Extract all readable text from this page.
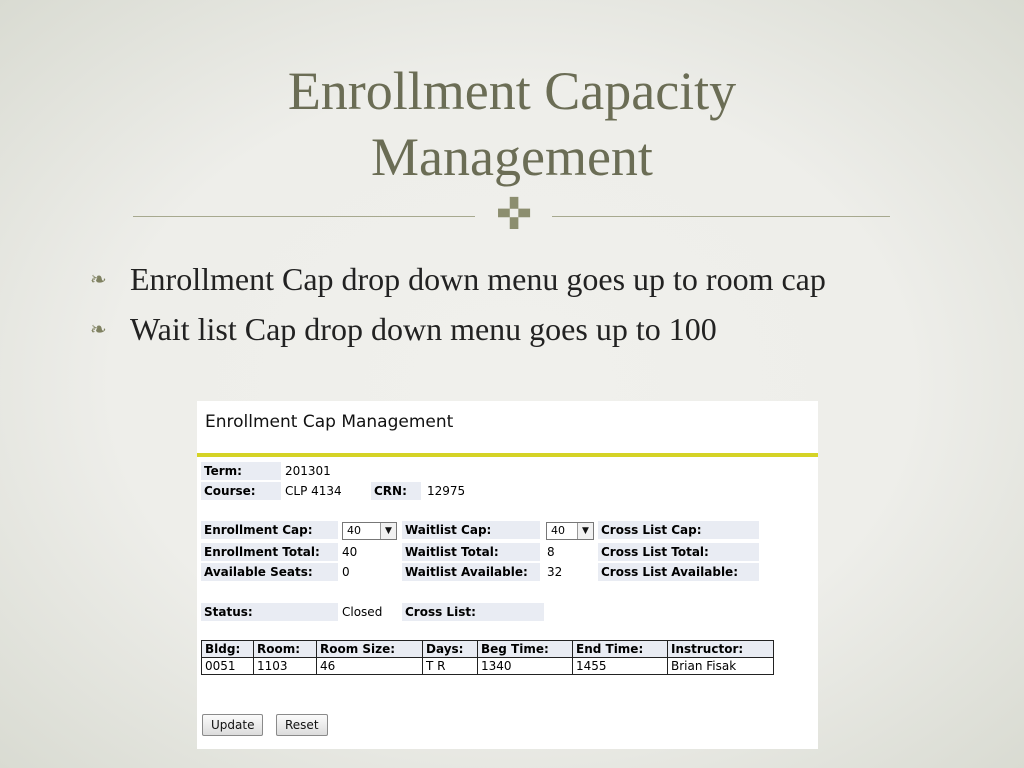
Enrollment Capacity
Management
✜
❧ Enrollment Cap drop down menu goes up to room cap
❧ Wait list Cap drop down menu goes up to 100
Enrollment Cap Management
Term:	201301
Course:	CLP 4134	CRN:	12975
Enrollment Cap:	40	▼	Waitlist Cap:	40	▼	Cross List Cap:
Enrollment Total:	40	Waitlist Total:	8	Cross List Total:
Available Seats:	0	Waitlist Available:	32	Cross List Available:
Status:	Closed Cross List:
Bldg:	Room:	Room Size:	Days:	Beg Time:	End Time:	Instructor:
0051	1103	46	T R	1340	1455	Brian Fisak
Update	Reset
